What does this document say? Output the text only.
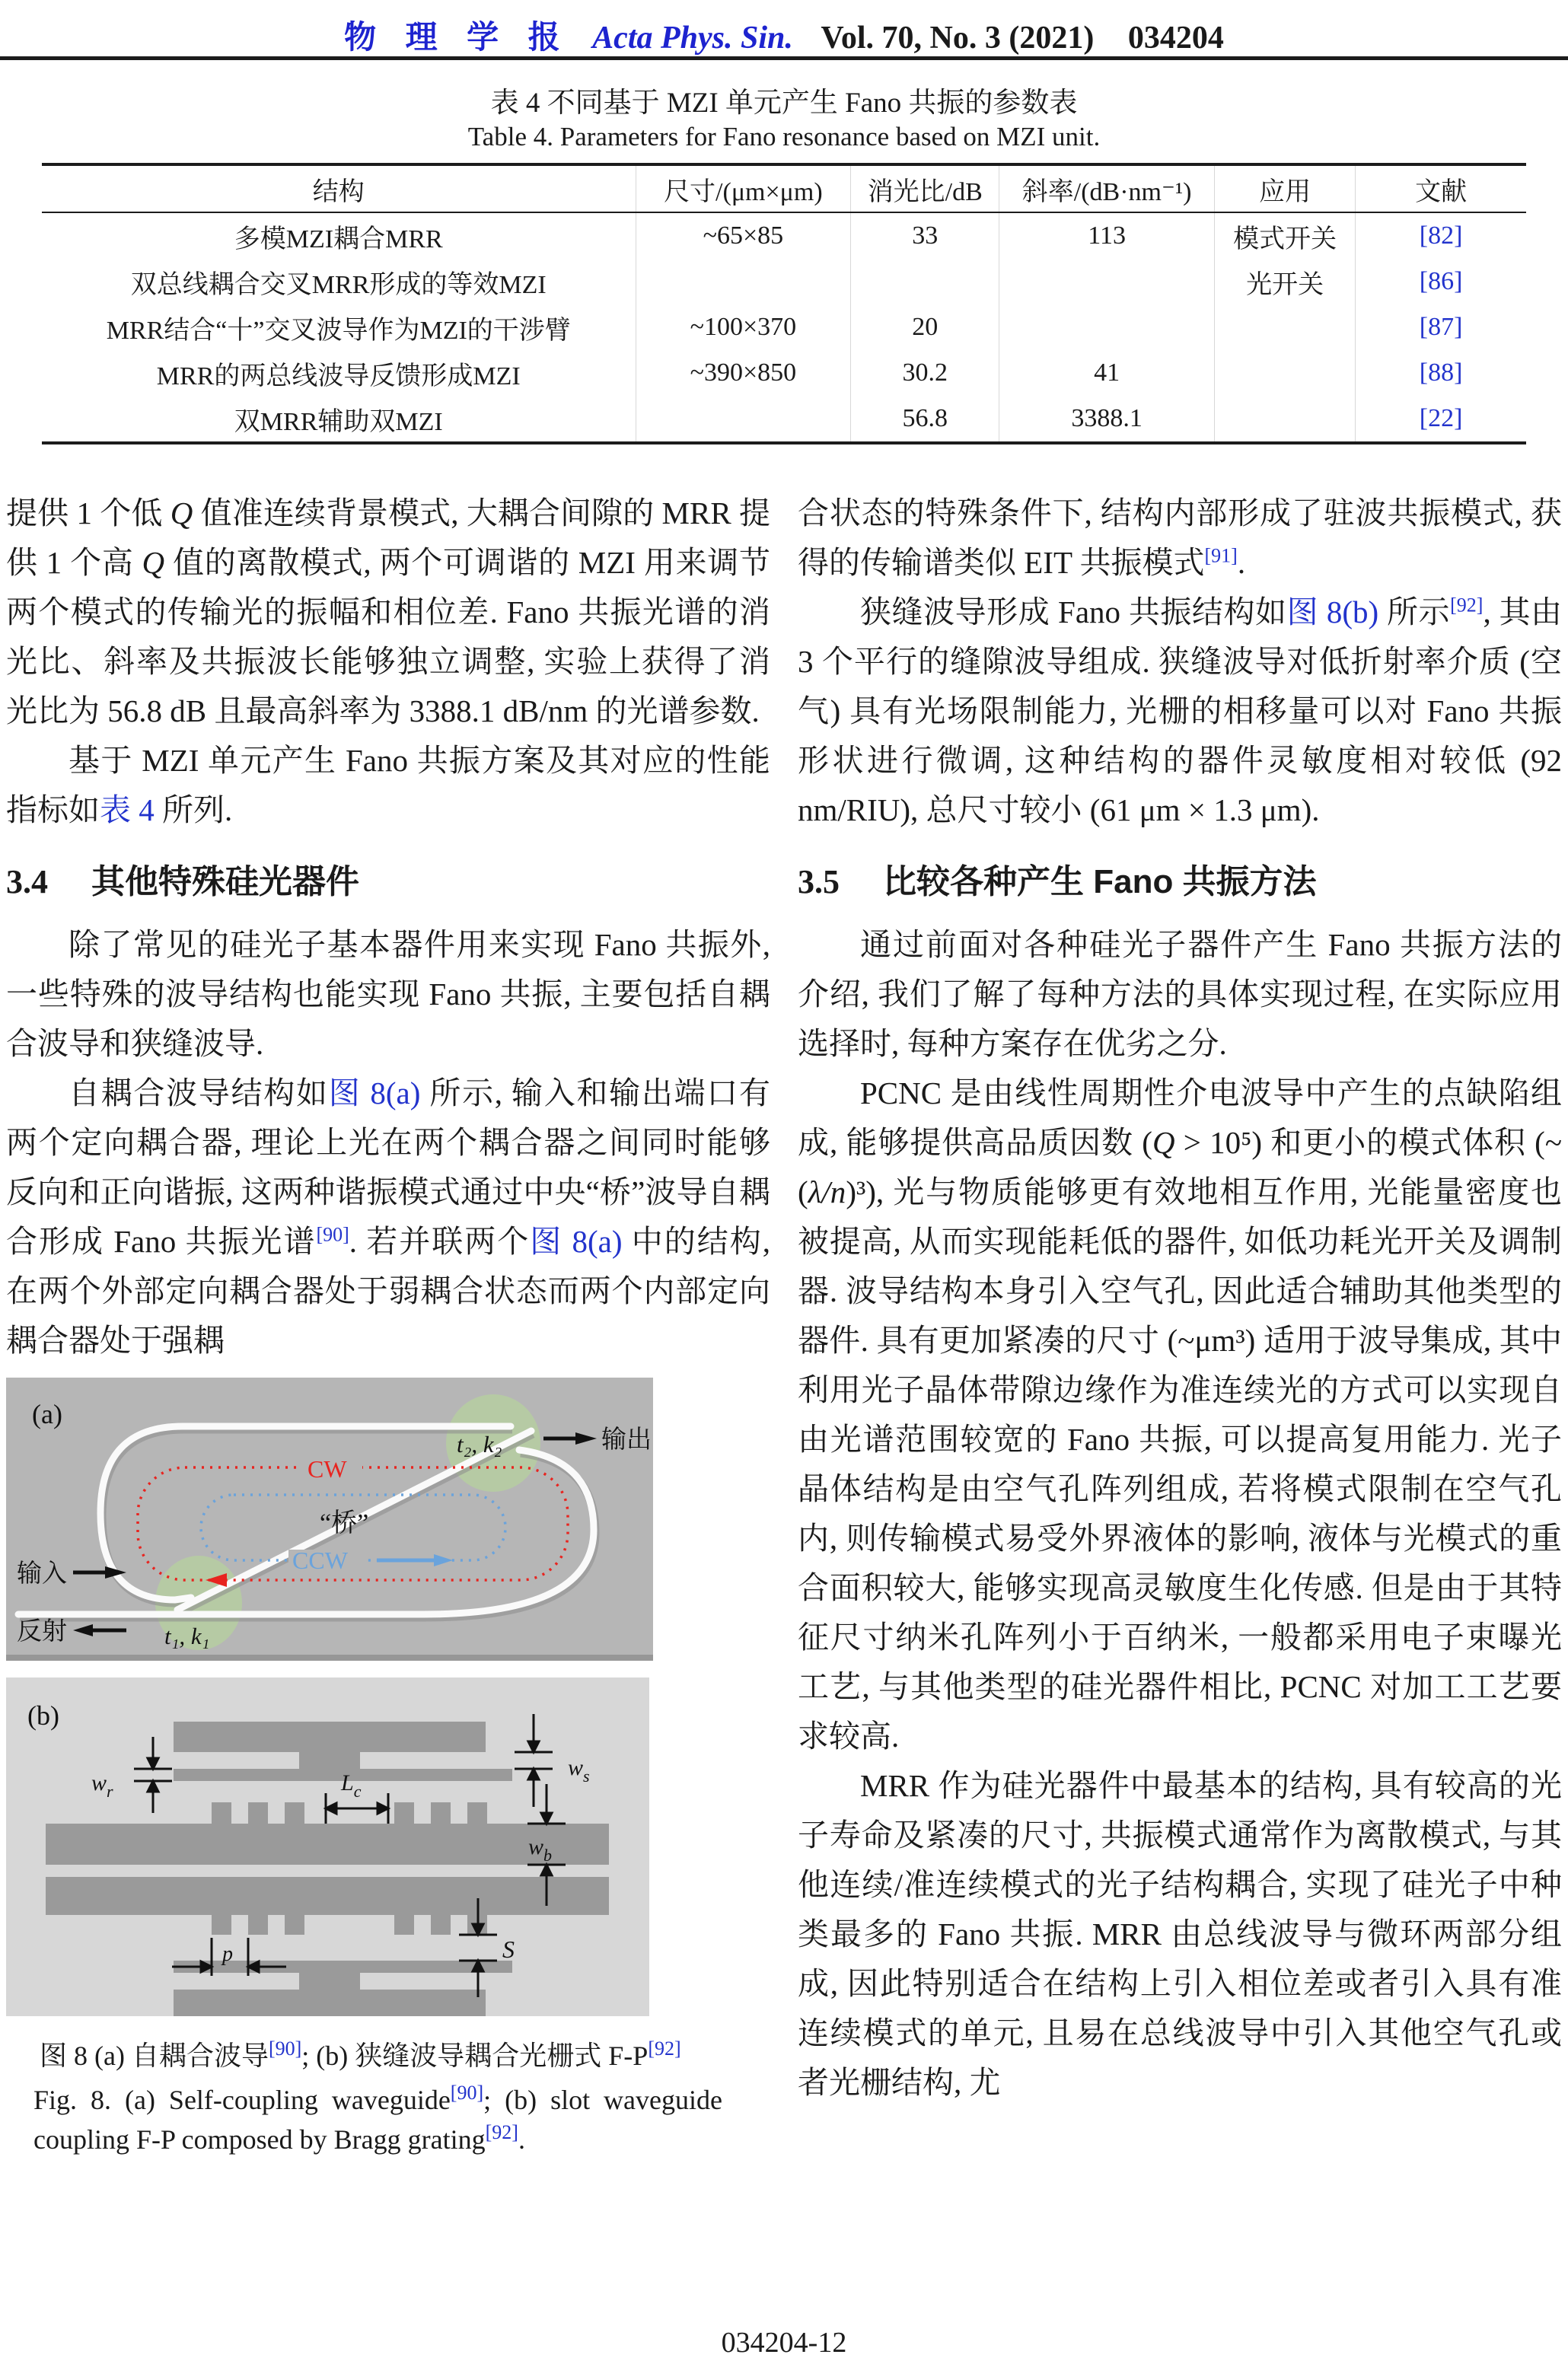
物 理 学 报 Acta Phys. Sin. Vol. 70, No. 3 (2021) 034204
表 4 不同基于 MZI 单元产生 Fano 共振的参数表
Table 4. Parameters for Fano resonance based on MZI unit.
结构	尺寸/(μm×μm)	消光比/dB	斜率/(dB·nm⁻¹)	应用	文献
多模MZI耦合MRR	~65×85	33	113	模式开关	[82]
双总线耦合交叉MRR形成的等效MZI				光开关	[86]
MRR结合“十”交叉波导作为MZI的干涉臂	~100×370	20			[87]
MRR的两总线波导反馈形成MZI	~390×850	30.2	41		[88]
双MRR辅助双MZI		56.8	3388.1		[22]

提供 1 个低 Q 值准连续背景模式, 大耦合间隙的 MRR 提供 1 个高 Q 值的离散模式, 两个可调谐的 MZI 用来调节两个模式的传输光的振幅和相位差. Fano 共振光谱的消光比、斜率及共振波长能够独立调整, 实验上获得了消光比为 56.8 dB 且最高斜率为 3388.1 dB/nm 的光谱参数.

基于 MZI 单元产生 Fano 共振方案及其对应的性能指标如表 4 所列.

3.4 其他特殊硅光器件

除了常见的硅光子基本器件用来实现 Fano 共振外, 一些特殊的波导结构也能实现 Fano 共振, 主要包括自耦合波导和狭缝波导.

自耦合波导结构如图 8(a) 所示, 输入和输出端口有两个定向耦合器, 理论上光在两个耦合器之间同时能够反向和正向谐振, 这两种谐振模式通过中央“桥”波导自耦合形成 Fano 共振光谱[90]. 若并联两个图 8(a) 中的结构, 在两个外部定向耦合器处于弱耦合状态而两个内部定向耦合器处于强耦

(a)
CW
CCW
“桥”
t₂, k₂
t₁, k₁
输出
输入
反射
(b)
$w_r$
$w_s$
$L_c$
$w_b$
S
p

图 8 (a) 自耦合波导[90]; (b) 狭缝波导耦合光栅式 F-P[92]

Fig. 8. (a) Self-coupling waveguide[90]; (b) slot waveguide coupling F-P composed by Bragg grating[92].

合状态的特殊条件下, 结构内部形成了驻波共振模式, 获得的传输谱类似 EIT 共振模式[91].

狭缝波导形成 Fano 共振结构如图 8(b) 所示[92], 其由 3 个平行的缝隙波导组成. 狭缝波导对低折射率介质 (空气) 具有光场限制能力, 光栅的相移量可以对 Fano 共振形状进行微调, 这种结构的器件灵敏度相对较低 (92 nm/RIU), 总尺寸较小 (61 μm × 1.3 μm).

3.5 比较各种产生 Fano 共振方法

通过前面对各种硅光子器件产生 Fano 共振方法的介绍, 我们了解了每种方法的具体实现过程, 在实际应用选择时, 每种方案存在优劣之分.

PCNC 是由线性周期性介电波导中产生的点缺陷组成, 能够提供高品质因数 (Q > 10⁵) 和更小的模式体积 (~(λ/n)³), 光与物质能够更有效地相互作用, 光能量密度也被提高, 从而实现能耗低的器件, 如低功耗光开关及调制器. 波导结构本身引入空气孔, 因此适合辅助其他类型的器件. 具有更加紧凑的尺寸 (~μm³) 适用于波导集成, 其中利用光子晶体带隙边缘作为准连续光的方式可以实现自由光谱范围较宽的 Fano 共振, 可以提高复用能力. 光子晶体结构是由空气孔阵列组成, 若将模式限制在空气孔内, 则传输模式易受外界液体的影响, 液体与光模式的重合面积较大, 能够实现高灵敏度生化传感. 但是由于其特征尺寸纳米孔阵列小于百纳米, 一般都采用电子束曝光工艺, 与其他类型的硅光器件相比, PCNC 对加工工艺要求较高.

MRR 作为硅光器件中最基本的结构, 具有较高的光子寿命及紧凑的尺寸, 共振模式通常作为离散模式, 与其他连续/准连续模式的光子结构耦合, 实现了硅光子中种类最多的 Fano 共振. MRR 由总线波导与微环两部分组成, 因此特别适合在结构上引入相位差或者引入具有准连续模式的单元, 且易在总线波导中引入其他空气孔或者光栅结构, 尤

034204-12
